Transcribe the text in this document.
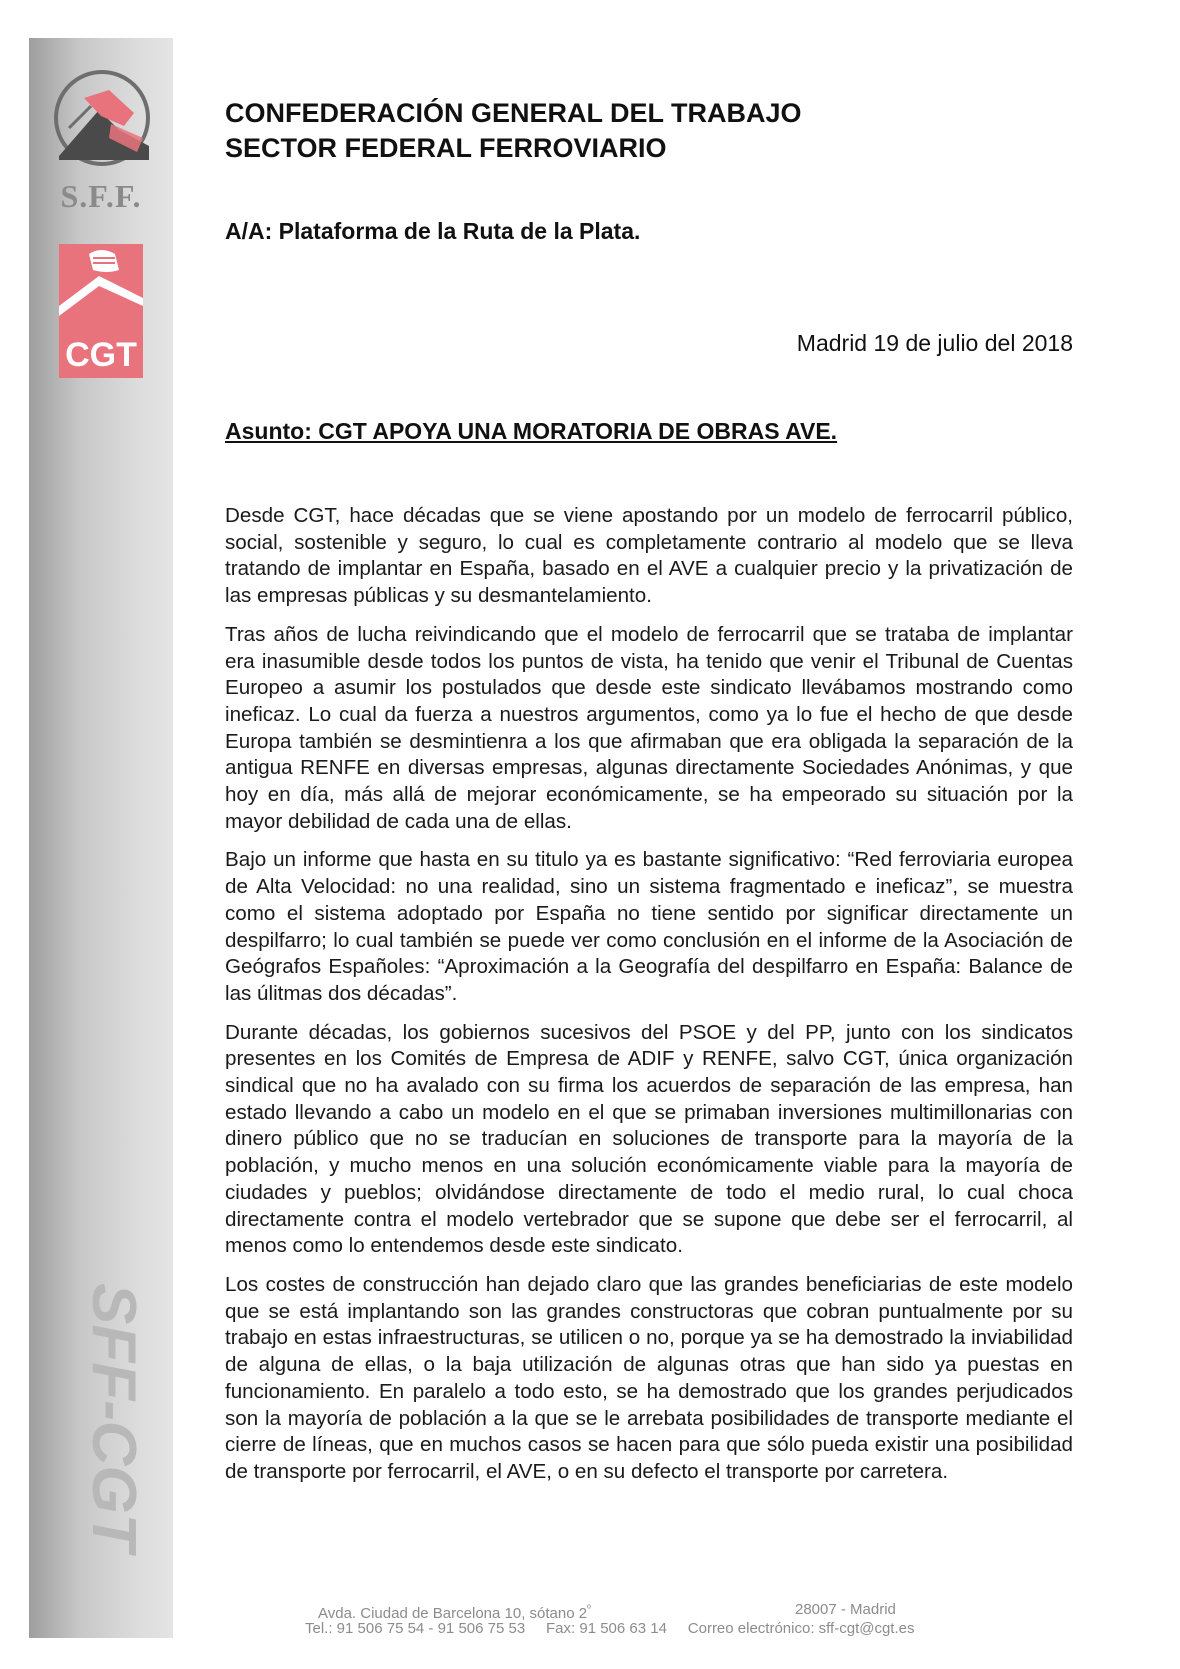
S.F.F.
CGT
SFF-CGT
CONFEDERACIÓN GENERAL DEL TRABAJO
SECTOR FEDERAL FERROVIARIO
A/A: Plataforma de la Ruta de la Plata.
Madrid 19 de julio del 2018
Asunto: CGT APOYA UNA MORATORIA DE OBRAS AVE.

Desde CGT, hace décadas que se viene apostando por un modelo de ferrocarril público, social, sostenible y seguro, lo cual es completamente contrario al modelo que se lleva tratando de implantar en España, basado en el AVE a cualquier precio y la privatización de las empresas públicas y su desmantelamiento.

Tras años de lucha reivindicando que el modelo de ferrocarril que se trataba de implantar era inasumible desde todos los puntos de vista, ha tenido que venir el Tribunal de Cuentas Europeo a asumir los postulados que desde este sindicato llevábamos mostrando como ineficaz. Lo cual da fuerza a nuestros argumentos, como ya lo fue el hecho de que desde Europa también se desmintienra a los que afirmaban que era obligada la separación de la antigua RENFE en diversas empresas, algunas directamente Sociedades Anónimas, y que hoy en día, más allá de mejorar económicamente, se ha empeorado su situación por la mayor debilidad de cada una de ellas.

Bajo un informe que hasta en su titulo ya es bastante significativo: “Red ferroviaria europea de Alta Velocidad: no una realidad, sino un sistema fragmentado e ineficaz”, se muestra como el sistema adoptado por España no tiene sentido por significar directamente un despilfarro; lo cual también se puede ver como conclusión en el informe de la Asociación de Geógrafos Españoles: “Aproximación a la Geografía del despilfarro en España: Balance de las úlitmas dos décadas”.

Durante décadas, los gobiernos sucesivos del PSOE y del PP, junto con los sindicatos presentes en los Comités de Empresa de ADIF y RENFE, salvo CGT, única organización sindical que no ha avalado con su firma los acuerdos de separación de las empresa, han estado llevando a cabo un modelo en el que se primaban inversiones multimillonarias con dinero público que no se traducían en soluciones de transporte para la mayoría de la población, y mucho menos en una solución económicamente viable para la mayoría de ciudades y pueblos; olvidándose directamente de todo el medio rural, lo cual choca directamente contra el modelo vertebrador que se supone que debe ser el ferrocarril, al menos como lo entendemos desde este sindicato.

Los costes de construcción han dejado claro que las grandes beneficiarias de este modelo que se está implantando son las grandes constructoras que cobran puntualmente por su trabajo en estas infraestructuras, se utilicen o no, porque ya se ha demostrado la inviabilidad de alguna de ellas, o la baja utilización de algunas otras que han sido ya puestas en funcionamiento. En paralelo a todo esto, se ha demostrado que los grandes perjudicados son la mayoría de población a la que se le arrebata posibilidades de transporte mediante el cierre de líneas, que en muchos casos se hacen para que sólo pueda existir una posibilidad de transporte por ferrocarril, el AVE, o en su defecto el transporte por carretera.

Avda. Ciudad de Barcelona 10, sótano $2^º$	28007 - Madrid
Tel.: 91 506 75 54 - 91 506 75 53     Fax: 91 506 63 14     Correo electrónico: sff-cgt@cgt.es
